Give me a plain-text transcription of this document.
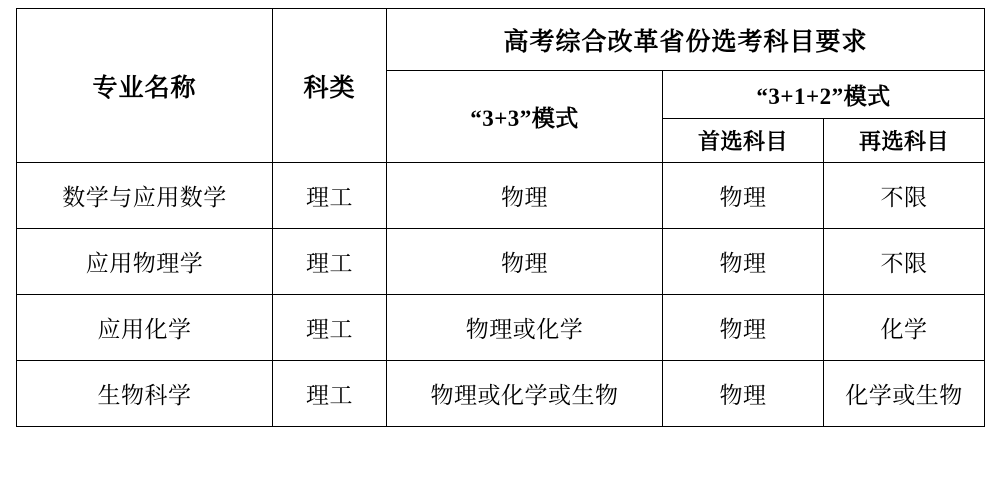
专业名称	科类	高考综合改革省份选考科目要求		
		“3+3”模式	“3+1+2”模式	
			首选科目	再选科目
数学与应用数学	理工	物理	物理	不限
应用物理学	理工	物理	物理	不限
应用化学	理工	物理或化学	物理	化学
生物科学	理工	物理或化学或生物	物理	化学或生物
